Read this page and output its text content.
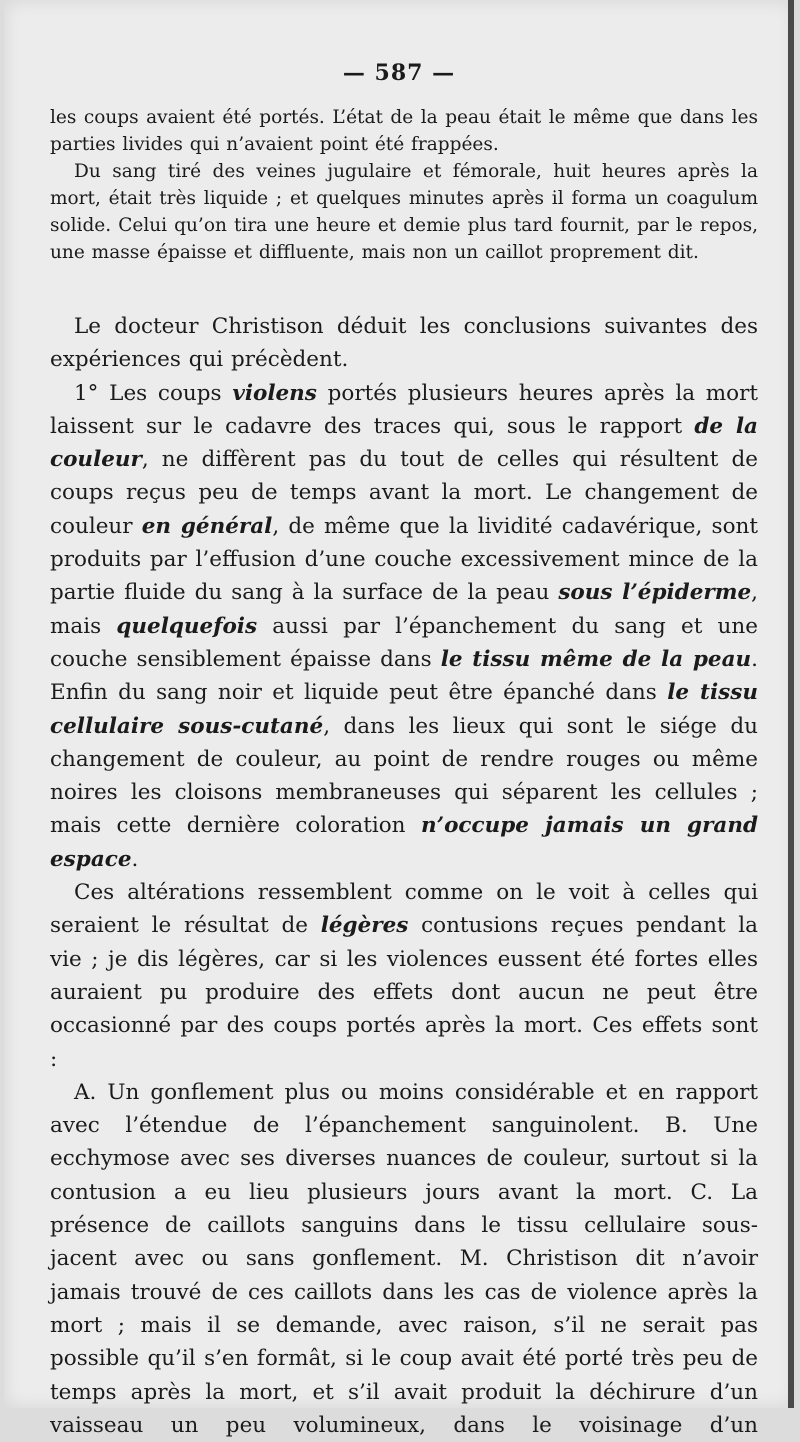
— 587 —

les coups avaient été portés. L’état de la peau était le même que dans les parties livides qui n’avaient point été frappées.

Du sang tiré des veines jugulaire et fémorale, huit heures après la mort, était très liquide ; et quelques minutes après il forma un coagulum solide. Celui qu’on tira une heure et demie plus tard fournit, par le repos, une masse épaisse et diffluente, mais non un caillot proprement dit.

Le docteur Christison déduit les conclusions suivantes des expériences qui précèdent.

1° Les coups violens portés plusieurs heures après la mort laissent sur le cadavre des traces qui, sous le rapport de la couleur, ne diffèrent pas du tout de celles qui résultent de coups reçus peu de temps avant la mort. Le changement de couleur en général, de même que la lividité cadavérique, sont produits par l’effusion d’une couche excessivement mince de la partie fluide du sang à la surface de la peau sous l’épiderme, mais quelquefois aussi par l’épanchement du sang et une couche sensiblement épaisse dans le tissu même de la peau. Enfin du sang noir et liquide peut être épanché dans le tissu cellulaire sous-cutané, dans les lieux qui sont le siége du changement de couleur, au point de rendre rouges ou même noires les cloisons membraneuses qui séparent les cellules ; mais cette dernière coloration n’occupe jamais un grand espace.

Ces altérations ressemblent comme on le voit à celles qui seraient le résultat de légères contusions reçues pendant la vie ; je dis légères, car si les violences eussent été fortes elles auraient pu produire des effets dont aucun ne peut être occasionné par des coups portés après la mort. Ces effets sont :

A. Un gonflement plus ou moins considérable et en rapport avec l’étendue de l’épanchement sanguinolent. B. Une ecchymose avec ses diverses nuances de couleur, surtout si la contusion a eu lieu plusieurs jours avant la mort. C. La présence de caillots sanguins dans le tissu cellulaire sous-jacent avec ou sans gonflement. M. Christison dit n’avoir jamais trouvé de ces caillots dans les cas de violence après la mort ; mais il se demande, avec raison, s’il ne serait pas possible qu’il s’en formât, si le coup avait été porté très peu de temps après la mort, et s’il avait produit la déchirure d’un vaisseau un peu volumineux, dans le voisinage d’un
